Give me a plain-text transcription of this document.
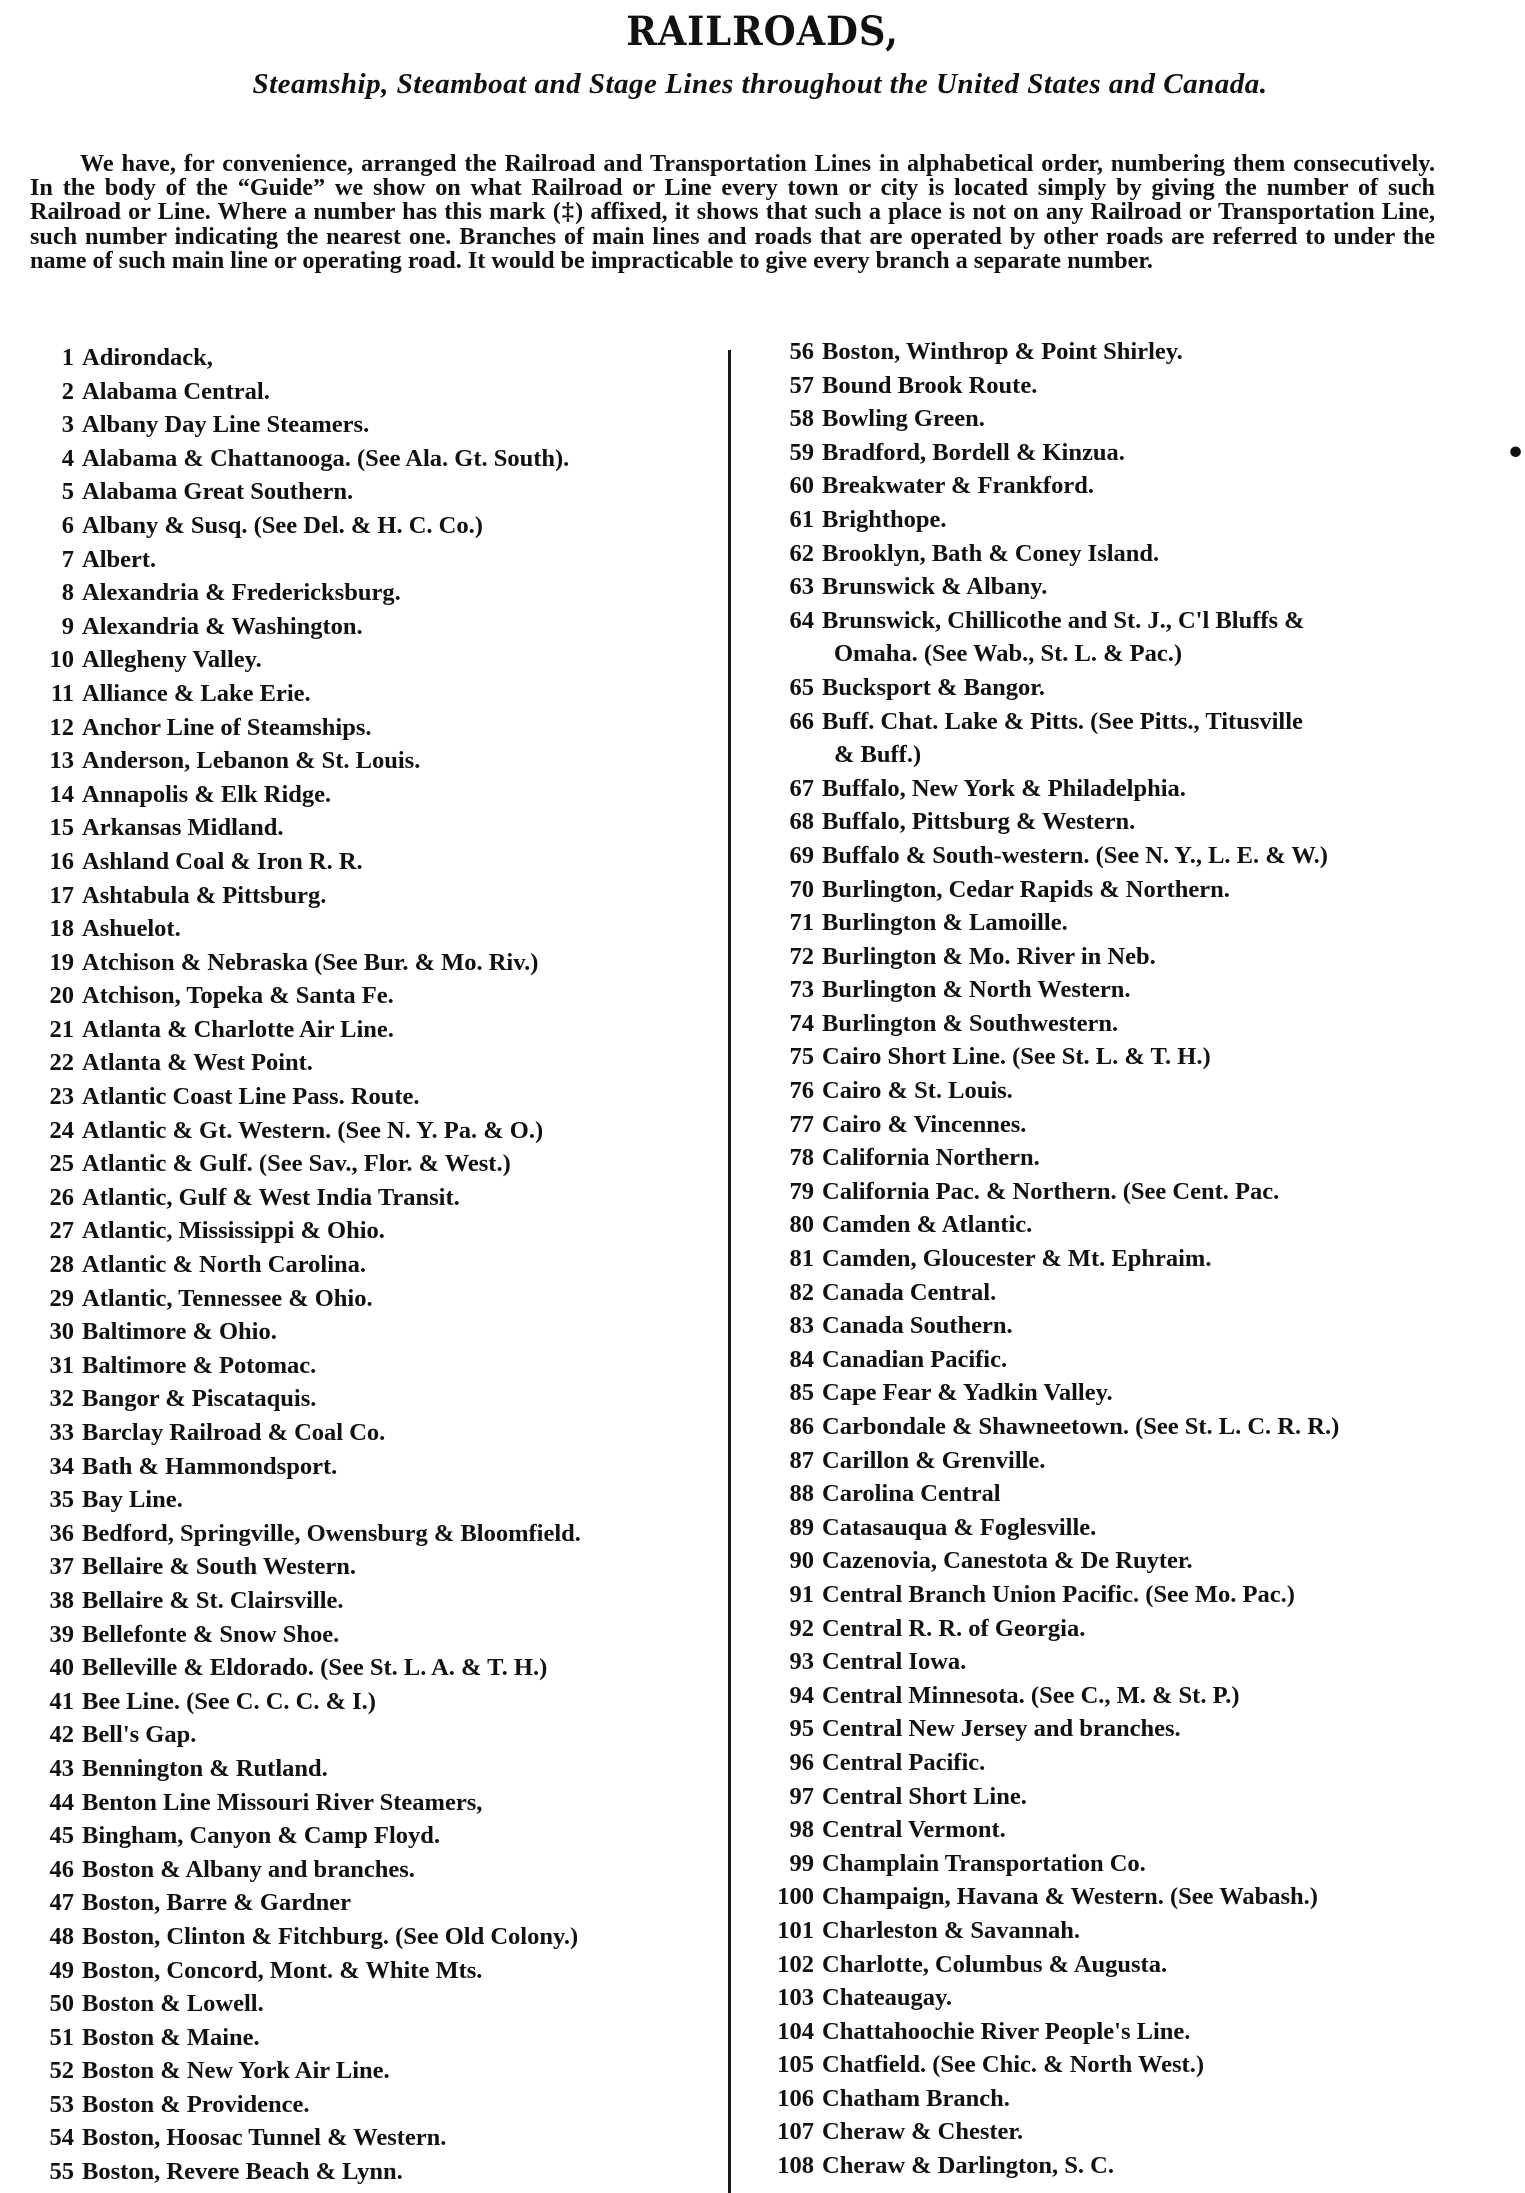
RAILROADS,
Steamship, Steamboat and Stage Lines throughout the United States and Canada.
We have, for convenience, arranged the Railroad and Transportation Lines in alphabetical order, numbering them consecutively. In the body of the “Guide” we show on what Railroad or Line every town or city is located simply by giving the number of such Railroad or Line. Where a number has this mark (‡) affixed, it shows that such a place is not on any Railroad or Transportation Line, such number indicating the nearest one. Branches of main lines and roads that are operated by other roads are referred to under the name of such main line or operating road. It would be impracticable to give every branch a separate number.
1 Adirondack,
2 Alabama Central.
3 Albany Day Line Steamers.
4 Alabama & Chattanooga. (See Ala. Gt. South).
5 Alabama Great Southern.
6 Albany & Susq. (See Del. & H. C. Co.)
7 Albert.
8 Alexandria & Fredericksburg.
9 Alexandria & Washington.
10 Allegheny Valley.
11 Alliance & Lake Erie.
12 Anchor Line of Steamships.
13 Anderson, Lebanon & St. Louis.
14 Annapolis & Elk Ridge.
15 Arkansas Midland.
16 Ashland Coal & Iron R. R.
17 Ashtabula & Pittsburg.
18 Ashuelot.
19 Atchison & Nebraska (See Bur. & Mo. Riv.)
20 Atchison, Topeka & Santa Fe.
21 Atlanta & Charlotte Air Line.
22 Atlanta & West Point.
23 Atlantic Coast Line Pass. Route.
24 Atlantic & Gt. Western. (See N. Y. Pa. & O.)
25 Atlantic & Gulf. (See Sav., Flor. & West.)
26 Atlantic, Gulf & West India Transit.
27 Atlantic, Mississippi & Ohio.
28 Atlantic & North Carolina.
29 Atlantic, Tennessee & Ohio.
30 Baltimore & Ohio.
31 Baltimore & Potomac.
32 Bangor & Piscataquis.
33 Barclay Railroad & Coal Co.
34 Bath & Hammondsport.
35 Bay Line.
36 Bedford, Springville, Owensburg & Bloomfield.
37 Bellaire & South Western.
38 Bellaire & St. Clairsville.
39 Bellefonte & Snow Shoe.
40 Belleville & Eldorado. (See St. L. A. & T. H.)
41 Bee Line. (See C. C. C. & I.)
42 Bell's Gap.
43 Bennington & Rutland.
44 Benton Line Missouri River Steamers,
45 Bingham, Canyon & Camp Floyd.
46 Boston & Albany and branches.
47 Boston, Barre & Gardner
48 Boston, Clinton & Fitchburg. (See Old Colony.)
49 Boston, Concord, Mont. & White Mts.
50 Boston & Lowell.
51 Boston & Maine.
52 Boston & New York Air Line.
53 Boston & Providence.
54 Boston, Hoosac Tunnel & Western.
55 Boston, Revere Beach & Lynn.
56 Boston, Winthrop & Point Shirley.
57 Bound Brook Route.
58 Bowling Green.
59 Bradford, Bordell & Kinzua.
60 Breakwater & Frankford.
61 Brighthope.
62 Brooklyn, Bath & Coney Island.
63 Brunswick & Albany.
64 Brunswick, Chillicothe and St. J., C'l Bluffs &
Omaha. (See Wab., St. L. & Pac.)
65 Bucksport & Bangor.
66 Buff. Chat. Lake & Pitts. (See Pitts., Titusville
& Buff.)
67 Buffalo, New York & Philadelphia.
68 Buffalo, Pittsburg & Western.
69 Buffalo & South-western. (See N. Y., L. E. & W.)
70 Burlington, Cedar Rapids & Northern.
71 Burlington & Lamoille.
72 Burlington & Mo. River in Neb.
73 Burlington & North Western.
74 Burlington & Southwestern.
75 Cairo Short Line. (See St. L. & T. H.)
76 Cairo & St. Louis.
77 Cairo & Vincennes.
78 California Northern.
79 California Pac. & Northern. (See Cent. Pac.
80 Camden & Atlantic.
81 Camden, Gloucester & Mt. Ephraim.
82 Canada Central.
83 Canada Southern.
84 Canadian Pacific.
85 Cape Fear & Yadkin Valley.
86 Carbondale & Shawneetown. (See St. L. C. R. R.)
87 Carillon & Grenville.
88 Carolina Central
89 Catasauqua & Foglesville.
90 Cazenovia, Canestota & De Ruyter.
91 Central Branch Union Pacific. (See Mo. Pac.)
92 Central R. R. of Georgia.
93 Central Iowa.
94 Central Minnesota. (See C., M. & St. P.)
95 Central New Jersey and branches.
96 Central Pacific.
97 Central Short Line.
98 Central Vermont.
99 Champlain Transportation Co.
100 Champaign, Havana & Western. (See Wabash.)
101 Charleston & Savannah.
102 Charlotte, Columbus & Augusta.
103 Chateaugay.
104 Chattahoochie River People's Line.
105 Chatfield. (See Chic. & North West.)
106 Chatham Branch.
107 Cheraw & Chester.
108 Cheraw & Darlington, S. C.
•
